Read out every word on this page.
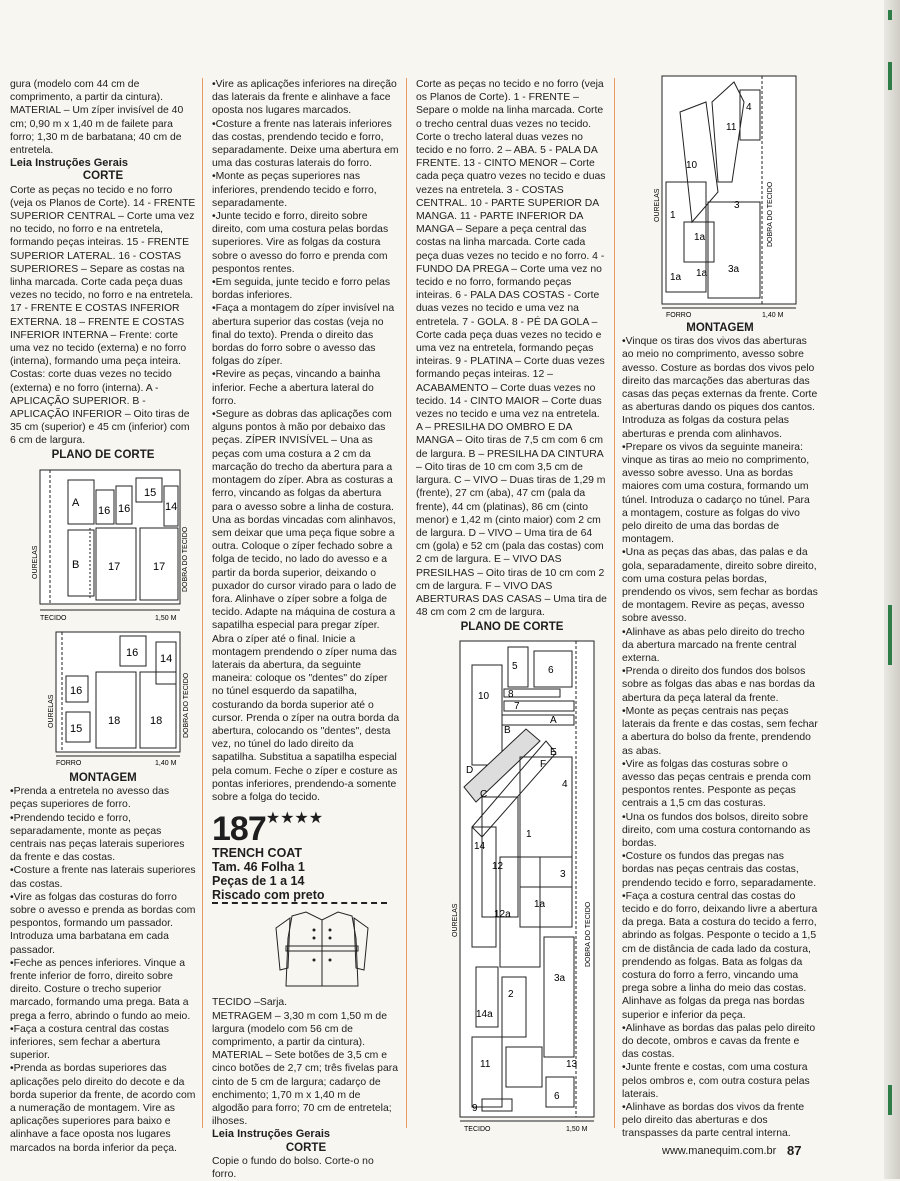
gura (modelo com 44 cm de comprimento, a partir da cintura).

MATERIAL – Um zíper invisível de 40 cm; 0,90 m x 1,40 m de failete para forro; 1,30 m de barbatana; 40 cm de entretela.

Leia Instruções Gerais

CORTE

Corte as peças no tecido e no forro (veja os Planos de Corte). 14 - FRENTE SUPERIOR CENTRAL – Corte uma vez no tecido, no forro e na entretela, formando peças inteiras. 15 - FRENTE SUPERIOR LATERAL. 16 - COSTAS SUPERIORES – Separe as costas na linha marcada. Corte cada peça duas vezes no tecido, no forro e na entretela. 17 - FRENTE E COSTAS INFERIOR EXTERNA. 18 – FRENTE E COSTAS INFERIOR INTERNA – Frente: corte uma vez no tecido (externa) e no forro (interna), formando uma peça inteira. Costas: corte duas vezes no tecido (externa) e no forro (interna). A - APLICAÇÃO SUPERIOR. B - APLICAÇÃO INFERIOR – Oito tiras de 35 cm (superior) e 45 cm (inferior) com 6 cm de largura.

PLANO DE CORTE

A
B
16 16
15
14
17	17
OURELAS	DOBRA DO TECIDO
TECIDO	1,50 M
16 14
16
18	18
15
OURELAS	DOBRA DO TECIDO
FORRO	1,40 M

MONTAGEM

•Prenda a entretela no avesso das peças superiores de forro.

•Prendendo tecido e forro, separadamente, monte as peças centrais nas peças laterais superiores da frente e das costas.

•Costure a frente nas laterais superiores das costas.

•Vire as folgas das costuras do forro sobre o avesso e prenda as bordas com pespontos, formando um passador. Introduza uma barbatana em cada passador.

•Feche as pences inferiores. Vinque a frente inferior de forro, direito sobre direito. Costure o trecho superior marcado, formando uma prega. Bata a prega a ferro, abrindo o fundo ao meio.

•Faça a costura central das costas inferiores, sem fechar a abertura superior.

•Prenda as bordas superiores das aplicações pelo direito do decote e da borda superior da frente, de acordo com a numeração de montagem. Vire as aplicações superiores para baixo e alinhave a face oposta nos lugares marcados na borda inferior da peça.

•Vire as aplicações inferiores na direção das laterais da frente e alinhave a face oposta nos lugares marcados.

•Costure a frente nas laterais inferiores das costas, prendendo tecido e forro, separadamente. Deixe uma abertura em uma das costuras laterais do forro.

•Monte as peças superiores nas inferiores, prendendo tecido e forro, separadamente.

•Junte tecido e forro, direito sobre direito, com uma costura pelas bordas superiores. Vire as folgas da costura sobre o avesso do forro e prenda com pespontos rentes.

•Em seguida, junte tecido e forro pelas bordas inferiores.

•Faça a montagem do zíper invisível na abertura superior das costas (veja no final do texto). Prenda o direito das bordas do forro sobre o avesso das folgas do zíper.

•Revire as peças, vincando a bainha inferior. Feche a abertura lateral do forro.

•Segure as dobras das aplicações com alguns pontos à mão por debaixo das peças. ZÍPER INVISÍVEL – Una as peças com uma costura a 2 cm da marcação do trecho da abertura para a montagem do zíper. Abra as costuras a ferro, vincando as folgas da abertura para o avesso sobre a linha de costura. Una as bordas vincadas com alinhavos, sem deixar que uma peça fique sobre a outra. Coloque o zíper fechado sobre a folga de tecido, no lado do avesso e a partir da borda superior, deixando o puxador do cursor virado para o lado de fora. Alinhave o zíper sobre a folga de tecido. Adapte na máquina de costura a sapatilha especial para pregar zíper. Abra o zíper até o final. Inicie a montagem prendendo o zíper numa das laterais da abertura, da seguinte maneira: coloque os "dentes" do zíper no túnel esquerdo da sapatilha, costurando da borda superior até o cursor. Prenda o zíper na outra borda da abertura, colocando os "dentes", desta vez, no túnel do lado direito da sapatilha. Substitua a sapatilha especial pela comum. Feche o zíper e costure as pontas inferiores, prendendo-a somente sobre a folga do tecido.

187★★★★
TRENCH COAT
Tam. 46 Folha 1
Peças de 1 a 14
Riscado com preto

TECIDO –Sarja.

METRAGEM – 3,30 m com 1,50 m de largura (modelo com 56 cm de comprimento, a partir da cintura).

MATERIAL – Sete botões de 3,5 cm e cinco botões de 2,7 cm; três fivelas para cinto de 5 cm de largura; cadarço de enchimento; 1,70 m x 1,40 m de algodão para forro; 70 cm de entretela; ilhoses.

Leia Instruções Gerais

CORTE

Copie o fundo do bolso. Corte-o no forro.

Corte as peças no tecido e no forro (veja os Planos de Corte). 1 - FRENTE – Separe o molde na linha marcada. Corte o trecho central duas vezes no tecido. Corte o trecho lateral duas vezes no tecido e no forro. 2 – ABA. 5 - PALA DA FRENTE. 13 - CINTO MENOR – Corte cada peça quatro vezes no tecido e duas vezes na entretela. 3 - COSTAS CENTRAL. 10 - PARTE SUPERIOR DA MANGA. 11 - PARTE INFERIOR DA MANGA – Separe a peça central das costas na linha marcada. Corte cada peça duas vezes no tecido e no forro. 4 - FUNDO DA PREGA – Corte uma vez no tecido e no forro, formando peças inteiras. 6 - PALA DAS COSTAS - Corte duas vezes no tecido e uma vez na entretela. 7 - GOLA. 8 - PÉ DA GOLA – Corte cada peça duas vezes no tecido e uma vez na entretela, formando peças inteiras. 9 - PLATINA – Corte duas vezes formando peças inteiras. 12 – ACABAMENTO – Corte duas vezes no tecido. 14 - CINTO MAIOR – Corte duas vezes no tecido e uma vez na entretela. A – PRESILHA DO OMBRO E DA MANGA – Oito tiras de 7,5 cm com 6 cm de largura. B – PRESILHA DA CINTURA – Oito tiras de 10 cm com 3,5 cm de largura. C – VIVO – Duas tiras de 1,29 m (frente), 27 cm (aba), 47 cm (pala da frente), 44 cm (platinas), 86 cm (cinto menor) e 1,42 m (cinto maior) com 2 cm de largura. D – VIVO – Uma tira de 64 cm (gola) e 52 cm (pala das costas) com 2 cm de largura. E – VIVO DAS PRESILHAS – Oito tiras de 10 cm com 2 cm de largura. F – VIVO DAS ABERTURAS DAS CASAS – Uma tira de 48 cm com 2 cm de largura.

PLANO DE CORTE

5	6
10 8
7
A
B
D
C
F
E
4
14
12
12a
1
1a
3
3a
2
14a
11	13
9
6
OURELAS	DOBRA DO TECIDO
TECIDO	1,50 M
4
11
10
1
3
1a
1a 1a 3a
OURELAS	DOBRA DO TECIDO
FORRO	1,40 M

MONTAGEM

•Vinque os tiras dos vivos das aberturas ao meio no comprimento, avesso sobre avesso. Costure as bordas dos vivos pelo direito das marcações das aberturas das casas das peças externas da frente. Corte as aberturas dando os piques dos cantos. Introduza as folgas da costura pelas aberturas e prenda com alinhavos.

•Prepare os vivos da seguinte maneira: vinque as tiras ao meio no comprimento, avesso sobre avesso. Una as bordas maiores com uma costura, formando um túnel. Introduza o cadarço no túnel. Para a montagem, costure as folgas do vivo pelo direito de uma das bordas de montagem.

•Una as peças das abas, das palas e da gola, separadamente, direito sobre direito, com uma costura pelas bordas, prendendo os vivos, sem fechar as bordas de montagem. Revire as peças, avesso sobre avesso.

•Alinhave as abas pelo direito do trecho da abertura marcado na frente central externa.

•Prenda o direito dos fundos dos bolsos sobre as folgas das abas e nas bordas da abertura da peça lateral da frente.

•Monte as peças centrais nas peças laterais da frente e das costas, sem fechar a abertura do bolso da frente, prendendo as abas.

•Vire as folgas das costuras sobre o avesso das peças centrais e prenda com pespontos rentes. Pesponte as peças centrais a 1,5 cm das costuras.

•Una os fundos dos bolsos, direito sobre direito, com uma costura contornando as bordas.

•Costure os fundos das pregas nas bordas nas peças centrais das costas, prendendo tecido e forro, separadamente.

•Faça a costura central das costas do tecido e do forro, deixando livre a abertura da prega. Bata a costura do tecido a ferro, abrindo as folgas. Pesponte o tecido a 1,5 cm de distância de cada lado da costura, prendendo as folgas. Bata as folgas da costura do forro a ferro, vincando uma prega sobre a linha do meio das costas. Alinhave as folgas da prega nas bordas superior e inferior da peça.

•Alinhave as bordas das palas pelo direito do decote, ombros e cavas da frente e das costas.

•Junte frente e costas, com uma costura pelos ombros e, com outra costura pelas laterais.

•Alinhave as bordas dos vivos da frente pelo direito das aberturas e dos transpasses da parte central interna.

www.manequim.com.br 87
